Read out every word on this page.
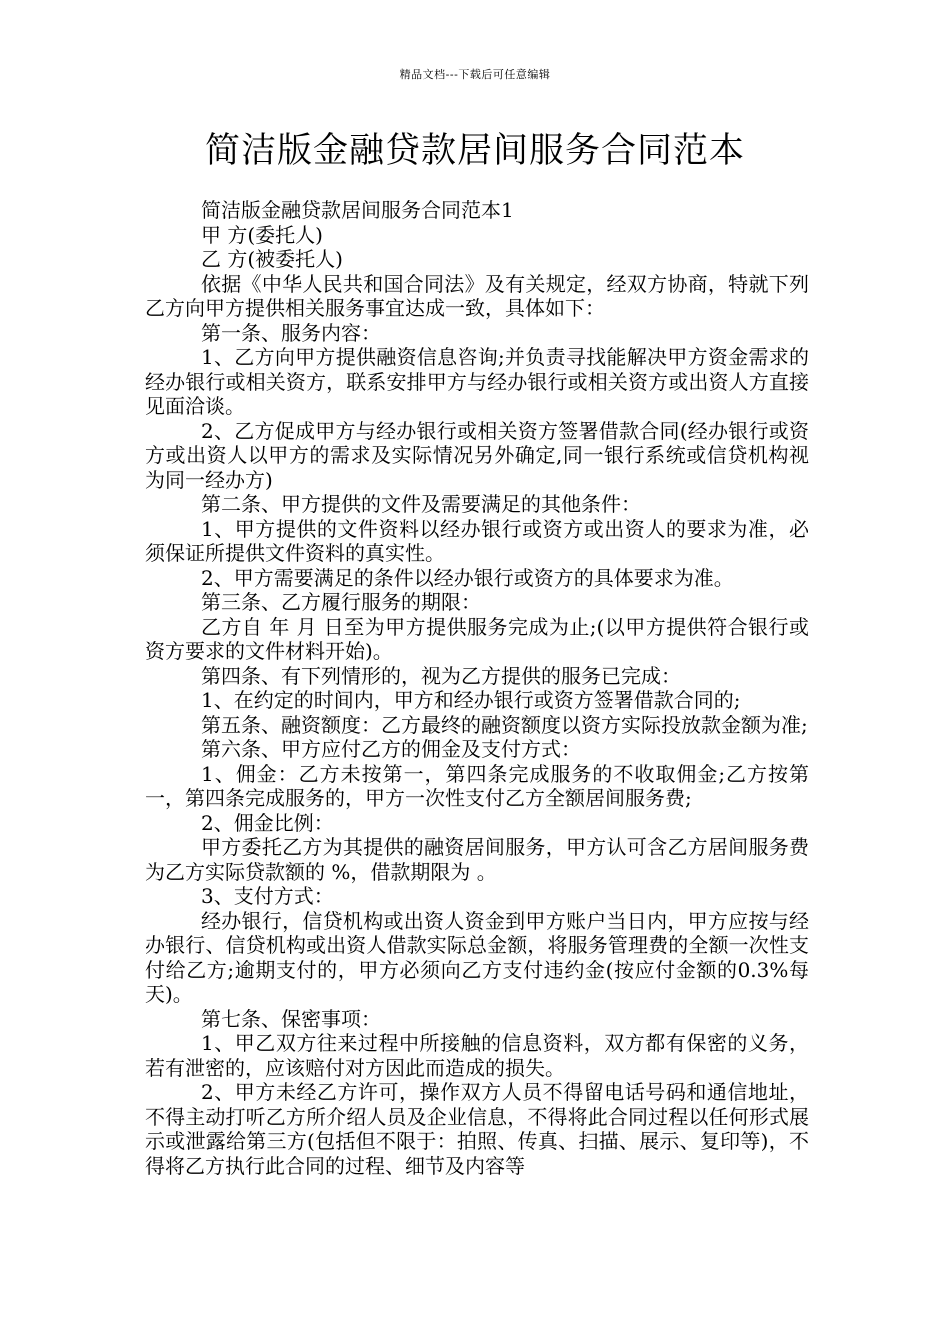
精品文档---下载后可任意编辑
简洁版金融贷款居间服务合同范本

简洁版金融贷款居间服务合同范本1

甲 方(委托人)

乙 方(被委托人)

依据《中华人民共和国合同法》及有关规定，经双方协商，特就下列乙方向甲方提供相关服务事宜达成一致，具体如下：

第一条、服务内容：

1、乙方向甲方提供融资信息咨询;并负责寻找能解决甲方资金需求的经办银行或相关资方，联系安排甲方与经办银行或相关资方或出资人方直接见面洽谈。

2、乙方促成甲方与经办银行或相关资方签署借款合同(经办银行或资方或出资人以甲方的需求及实际情况另外确定,同一银行系统或信贷机构视为同一经办方)

第二条、甲方提供的文件及需要满足的其他条件：

1、甲方提供的文件资料以经办银行或资方或出资人的要求为准，必须保证所提供文件资料的真实性。

2、甲方需要满足的条件以经办银行或资方的具体要求为准。

第三条、乙方履行服务的期限：

乙方自 年 月 日至为甲方提供服务完成为止;(以甲方提供符合银行或资方要求的文件材料开始)。

第四条、有下列情形的，视为乙方提供的服务已完成：

1、在约定的时间内，甲方和经办银行或资方签署借款合同的;

第五条、融资额度：乙方最终的融资额度以资方实际投放款金额为准;

第六条、甲方应付乙方的佣金及支付方式：

1、佣金：乙方未按第一，第四条完成服务的不收取佣金;乙方按第一，第四条完成服务的，甲方一次性支付乙方全额居间服务费;

2、佣金比例：

甲方委托乙方为其提供的融资居间服务，甲方认可含乙方居间服务费为乙方实际贷款额的 %，借款期限为 。

3、支付方式：

经办银行，信贷机构或出资人资金到甲方账户当日内，甲方应按与经办银行、信贷机构或出资人借款实际总金额，将服务管理费的全额一次性支付给乙方;逾期支付的，甲方必须向乙方支付违约金(按应付金额的0.3%每天)。

第七条、保密事项：

1、甲乙双方往来过程中所接触的信息资料，双方都有保密的义务，若有泄密的，应该赔付对方因此而造成的损失。

2、甲方未经乙方许可，操作双方人员不得留电话号码和通信地址，不得主动打听乙方所介绍人员及企业信息，不得将此合同过程以任何形式展示或泄露给第三方(包括但不限于：拍照、传真、扫描、展示、复印等)，不得将乙方执行此合同的过程、细节及内容等
